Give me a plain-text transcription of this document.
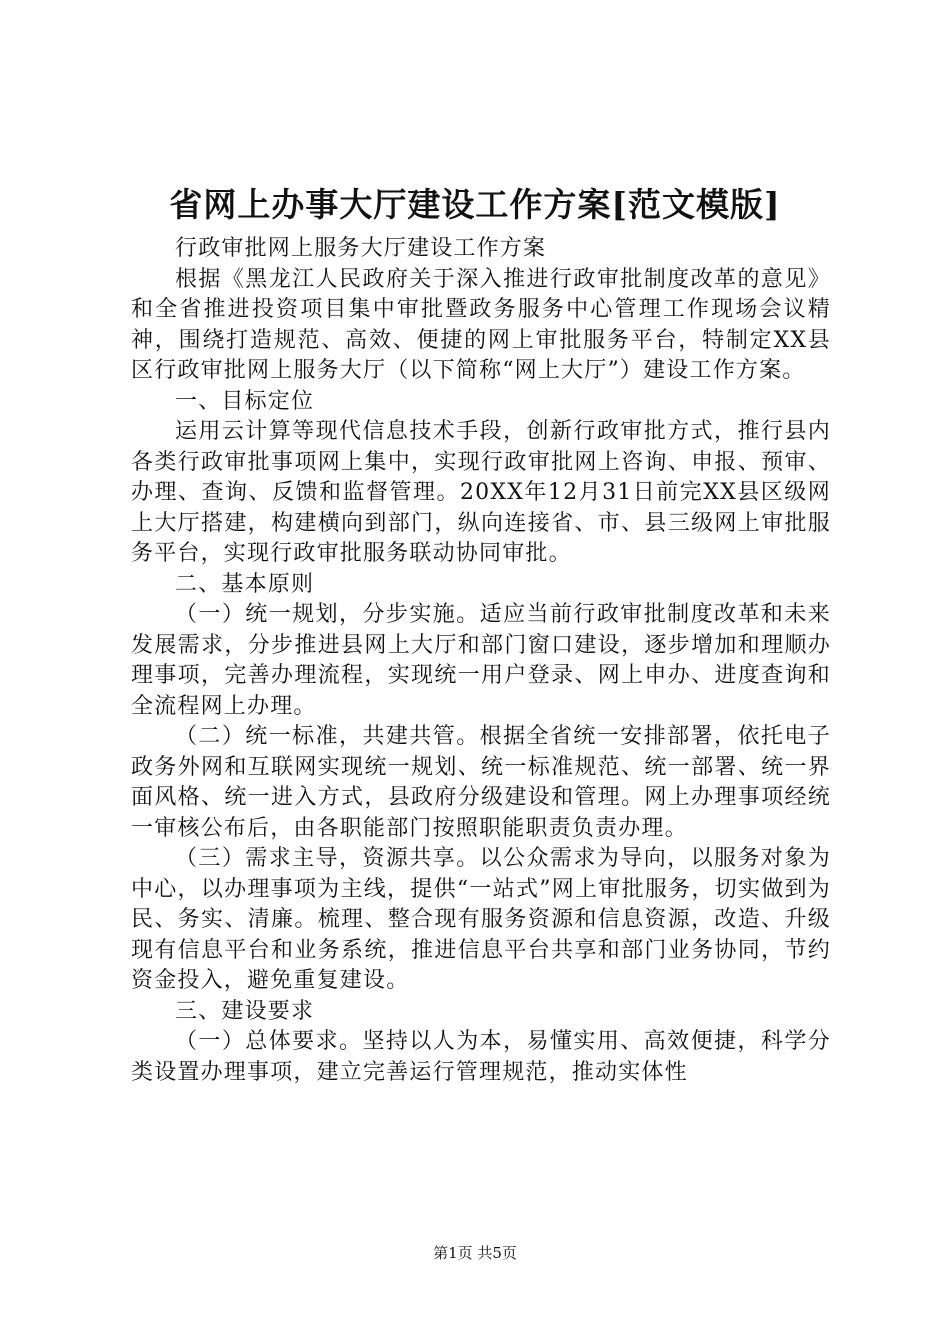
省网上办事大厅建设工作方案[范文模版]

行政审批网上服务大厅建设工作方案

根据《黑龙江人民政府关于深入推进行政审批制度改革的意见》和全省推进投资项目集中审批暨政务服务中心管理工作现场会议精神，围绕打造规范、高效、便捷的网上审批服务平台，特制定XX县区行政审批网上服务大厅（以下简称“网上大厅”）建设工作方案。

一、目标定位

运用云计算等现代信息技术手段，创新行政审批方式，推行县内各类行政审批事项网上集中，实现行政审批网上咨询、申报、预审、办理、查询、反馈和监督管理。20XX年12月31日前完XX县区级网上大厅搭建，构建横向到部门，纵向连接省、市、县三级网上审批服务平台，实现行政审批服务联动协同审批。

二、基本原则

（一）统一规划，分步实施。适应当前行政审批制度改革和未来发展需求，分步推进县网上大厅和部门窗口建设，逐步增加和理顺办理事项，完善办理流程，实现统一用户登录、网上申办、进度查询和全流程网上办理。

（二）统一标准，共建共管。根据全省统一安排部署，依托电子政务外网和互联网实现统一规划、统一标准规范、统一部署、统一界面风格、统一进入方式，县政府分级建设和管理。网上办理事项经统一审核公布后，由各职能部门按照职能职责负责办理。

（三）需求主导，资源共享。以公众需求为导向，以服务对象为中心，以办理事项为主线，提供“一站式”网上审批服务，切实做到为民、务实、清廉。梳理、整合现有服务资源和信息资源，改造、升级现有信息平台和业务系统，推进信息平台共享和部门业务协同，节约资金投入，避免重复建设。

三、建设要求

（一）总体要求。坚持以人为本，易懂实用、高效便捷，科学分类设置办理事项，建立完善运行管理规范，推动实体性

第1页 共5页
